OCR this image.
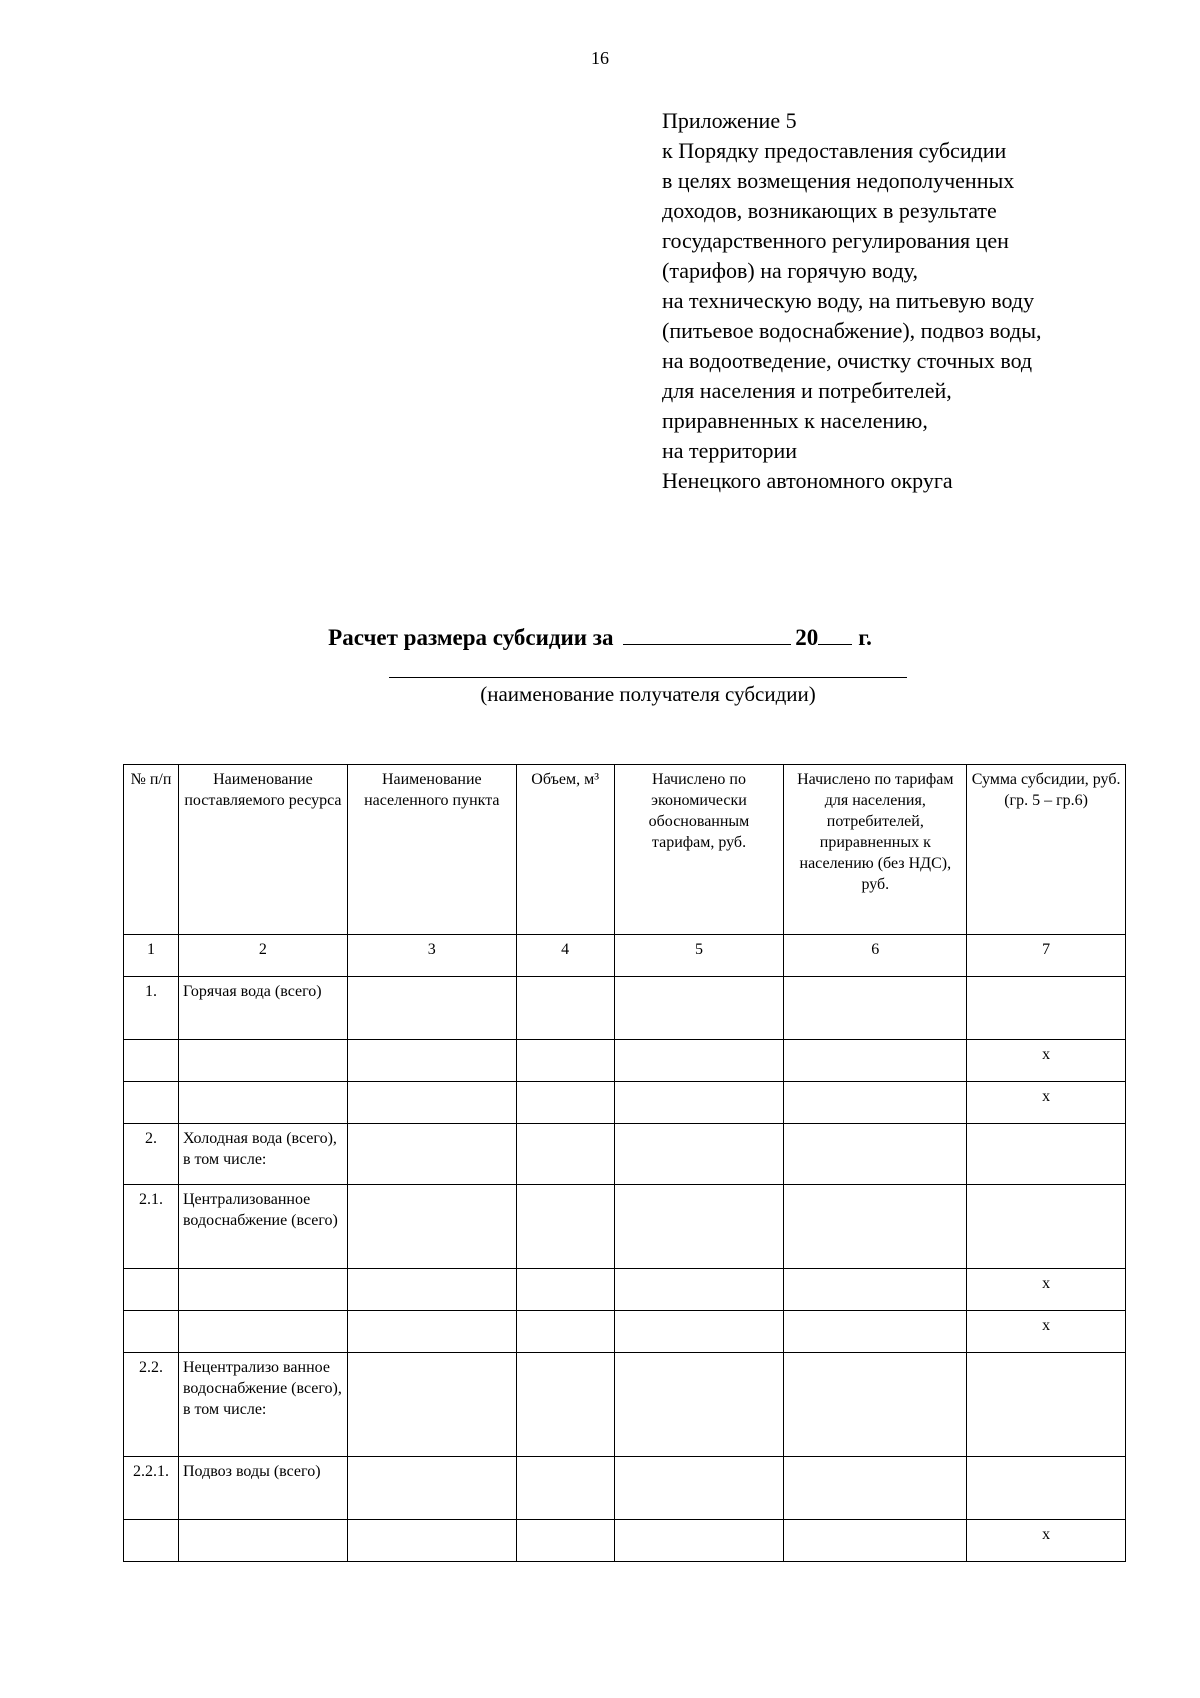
16
Приложение 5
к Порядку предоставления субсидии
в целях возмещения недополученных
доходов, возникающих в результате
государственного регулирования цен
(тарифов) на горячую воду,
на техническую воду, на питьевую воду
(питьевое водоснабжение), подвоз воды,
на водоотведение, очистку сточных вод
для населения и потребителей,
приравненных к населению,
на территории
Ненецкого автономного округа
Расчет размера субсидии за	20 г.
(наименование получателя субсидии)
№ п/п	Наименование поставляемого ресурса	Наименование населенного пункта	Объем, м³	Начислено по экономически обоснованным тарифам, руб.	Начислено по тарифам для населения, потребителей, приравненных к населению (без НДС), руб.	Сумма субсидии, руб. (гр. 5 – гр.6)
1	2	3	4	5	6	7
1.	Горячая вода (всего)					
						x
						x
2.	Холодная вода (всего), в том числе:					
2.1.	Централизованное водоснабжение (всего)					
						x
						x
2.2.	Нецентрализо ванное водоснабжение (всего), в том числе:					
2.2.1.	Подвоз воды (всего)					
						x
